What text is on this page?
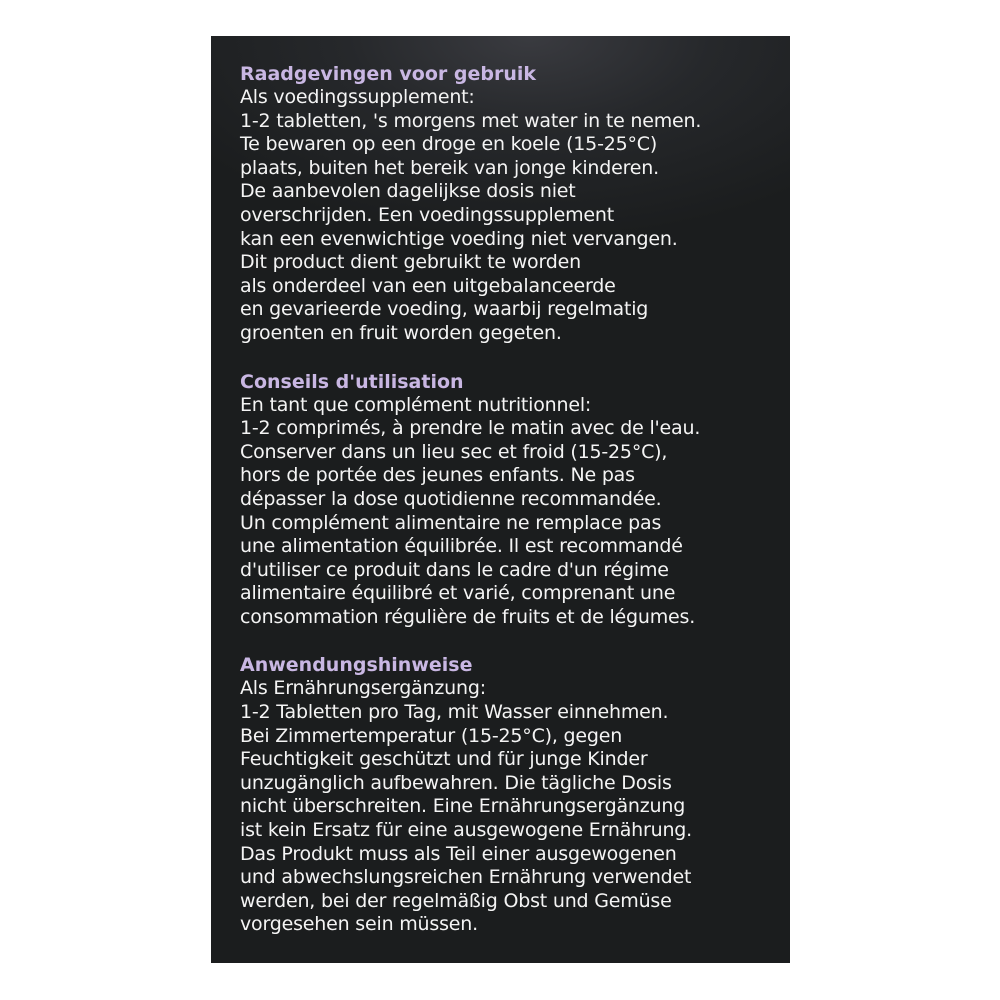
Raadgevingen voor gebruik

Als voedingssupplement:

1-2 tabletten, 's morgens met water in te nemen.

Te bewaren op een droge en koele (15-25°C)

plaats, buiten het bereik van jonge kinderen.

De aanbevolen dagelijkse dosis niet

overschrijden. Een voedingssupplement

kan een evenwichtige voeding niet vervangen.

Dit product dient gebruikt te worden

als onderdeel van een uitgebalanceerde

en gevarieerde voeding, waarbij regelmatig

groenten en fruit worden gegeten.

Conseils d'utilisation

En tant que complément nutritionnel:

1-2 comprimés, à prendre le matin avec de l'eau.

Conserver dans un lieu sec et froid (15-25°C),

hors de portée des jeunes enfants. Ne pas

dépasser la dose quotidienne recommandée.

Un complément alimentaire ne remplace pas

une alimentation équilibrée. Il est recommandé

d'utiliser ce produit dans le cadre d'un régime

alimentaire équilibré et varié, comprenant une

consommation régulière de fruits et de légumes.

Anwendungshinweise

Als Ernährungsergänzung:

1-2 Tabletten pro Tag, mit Wasser einnehmen.

Bei Zimmertemperatur (15-25°C), gegen

Feuchtigkeit geschützt und für junge Kinder

unzugänglich aufbewahren. Die tägliche Dosis

nicht überschreiten. Eine Ernährungsergänzung

ist kein Ersatz für eine ausgewogene Ernährung.

Das Produkt muss als Teil einer ausgewogenen

und abwechslungsreichen Ernährung verwendet

werden, bei der regelmäßig Obst und Gemüse

vorgesehen sein müssen.
